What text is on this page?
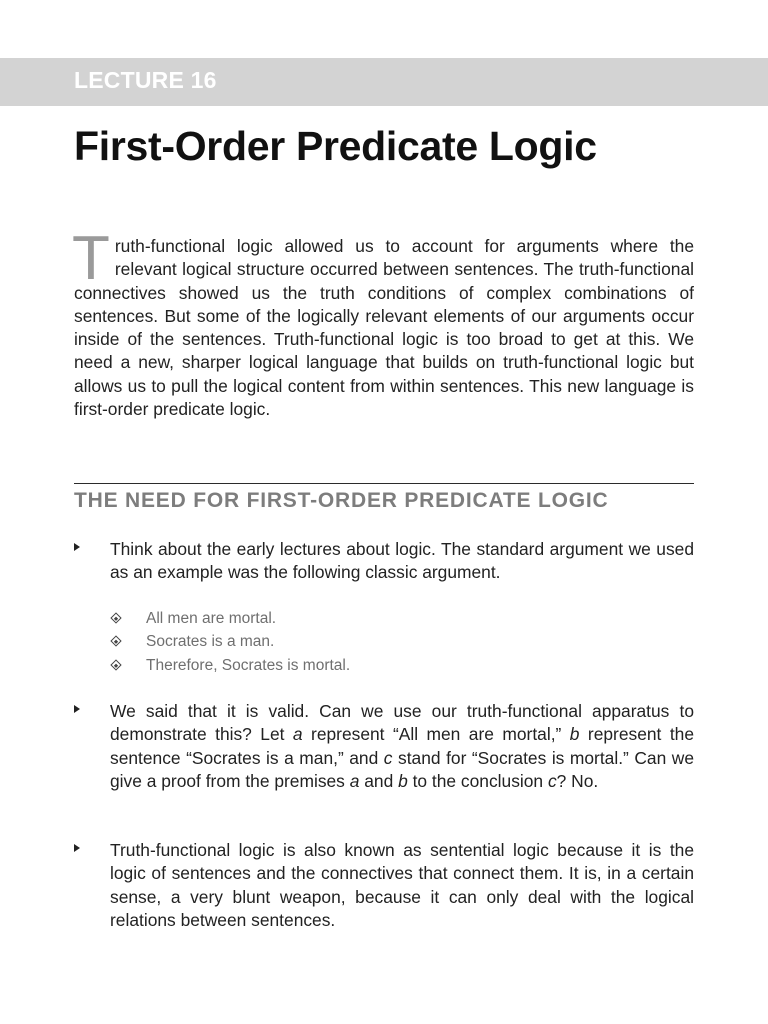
LECTURE 16
First-Order Predicate Logic

Truth-functional logic allowed us to account for arguments where the relevant logical structure occurred between sentences. The truth-functional connectives showed us the truth conditions of complex combinations of sentences. But some of the logically relevant elements of our arguments occur inside of the sentences. Truth-functional logic is too broad to get at this. We need a new, sharper logical language that builds on truth-functional logic but allows us to pull the logical content from within sentences. This new language is first-order predicate logic.

THE NEED FOR FIRST-ORDER PREDICATE LOGIC
Think about the early lectures about logic. The standard argument we used as an example was the following classic argument.
All men are mortal.
Socrates is a man.
Therefore, Socrates is mortal.
We said that it is valid. Can we use our truth-functional apparatus to demonstrate this? Let a represent “All men are mortal,” b represent the sentence “Socrates is a man,” and c stand for “Socrates is mortal.” Can we give a proof from the premises a and b to the conclusion c? No.
Truth-functional logic is also known as sentential logic because it is the logic of sentences and the connectives that connect them. It is, in a certain sense, a very blunt weapon, because it can only deal with the logical relations between sentences.
